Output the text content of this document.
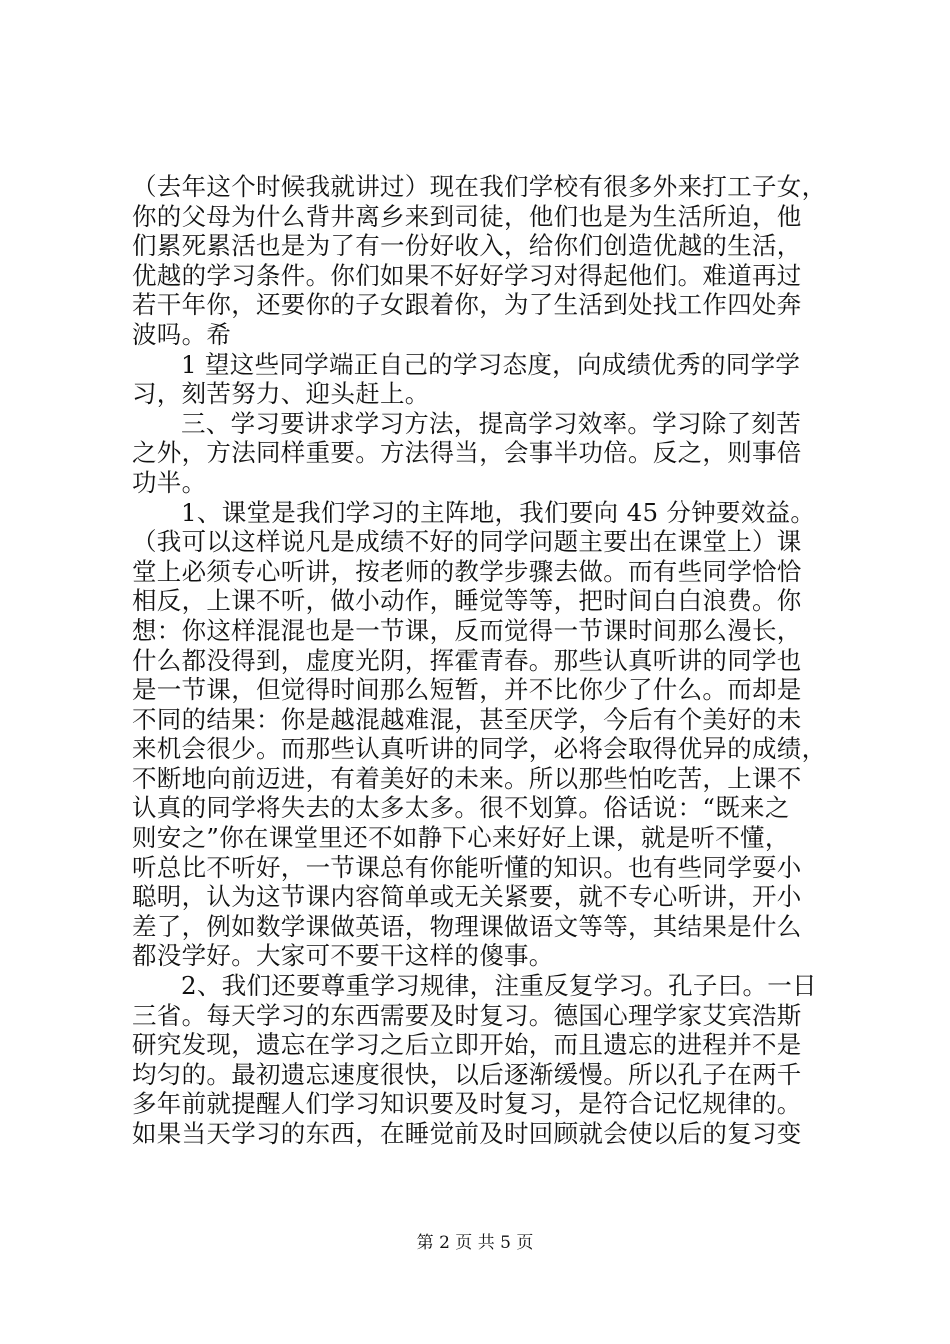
（去年这个时候我就讲过）现在我们学校有很多外来打工子女，
你的父母为什么背井离乡来到司徒，他们也是为生活所迫，他
们累死累活也是为了有一份好收入，给你们创造优越的生活，
优越的学习条件。你们如果不好好学习对得起他们。难道再过
若干年你，还要你的子女跟着你，为了生活到处找工作四处奔
波吗。希
1 望这些同学端正自己的学习态度，向成绩优秀的同学学
习，刻苦努力、迎头赶上。
三、学习要讲求学习方法，提高学习效率。学习除了刻苦
之外，方法同样重要。方法得当，会事半功倍。反之，则事倍
功半。
1、课堂是我们学习的主阵地，我们要向 45 分钟要效益。
（我可以这样说凡是成绩不好的同学问题主要出在课堂上）课
堂上必须专心听讲，按老师的教学步骤去做。而有些同学恰恰
相反，上课不听，做小动作，睡觉等等，把时间白白浪费。你
想：你这样混混也是一节课，反而觉得一节课时间那么漫长，
什么都没得到，虚度光阴，挥霍青春。那些认真听讲的同学也
是一节课，但觉得时间那么短暂，并不比你少了什么。而却是
不同的结果：你是越混越难混，甚至厌学，今后有个美好的未
来机会很少。而那些认真听讲的同学，必将会取得优异的成绩，
不断地向前迈进，有着美好的未来。所以那些怕吃苦，上课不
认真的同学将失去的太多太多。很不划算。俗话说：“既来之
则安之”你在课堂里还不如静下心来好好上课，就是听不懂，
听总比不听好，一节课总有你能听懂的知识。也有些同学耍小
聪明，认为这节课内容简单或无关紧要，就不专心听讲，开小
差了，例如数学课做英语，物理课做语文等等，其结果是什么
都没学好。大家可不要干这样的傻事。
2、我们还要尊重学习规律，注重反复学习。孔子曰。一日
三省。每天学习的东西需要及时复习。德国心理学家艾宾浩斯
研究发现，遗忘在学习之后立即开始，而且遗忘的进程并不是
均匀的。最初遗忘速度很快，以后逐渐缓慢。所以孔子在两千
多年前就提醒人们学习知识要及时复习，是符合记忆规律的。
如果当天学习的东西，在睡觉前及时回顾就会使以后的复习变
第 2 页 共 5 页
